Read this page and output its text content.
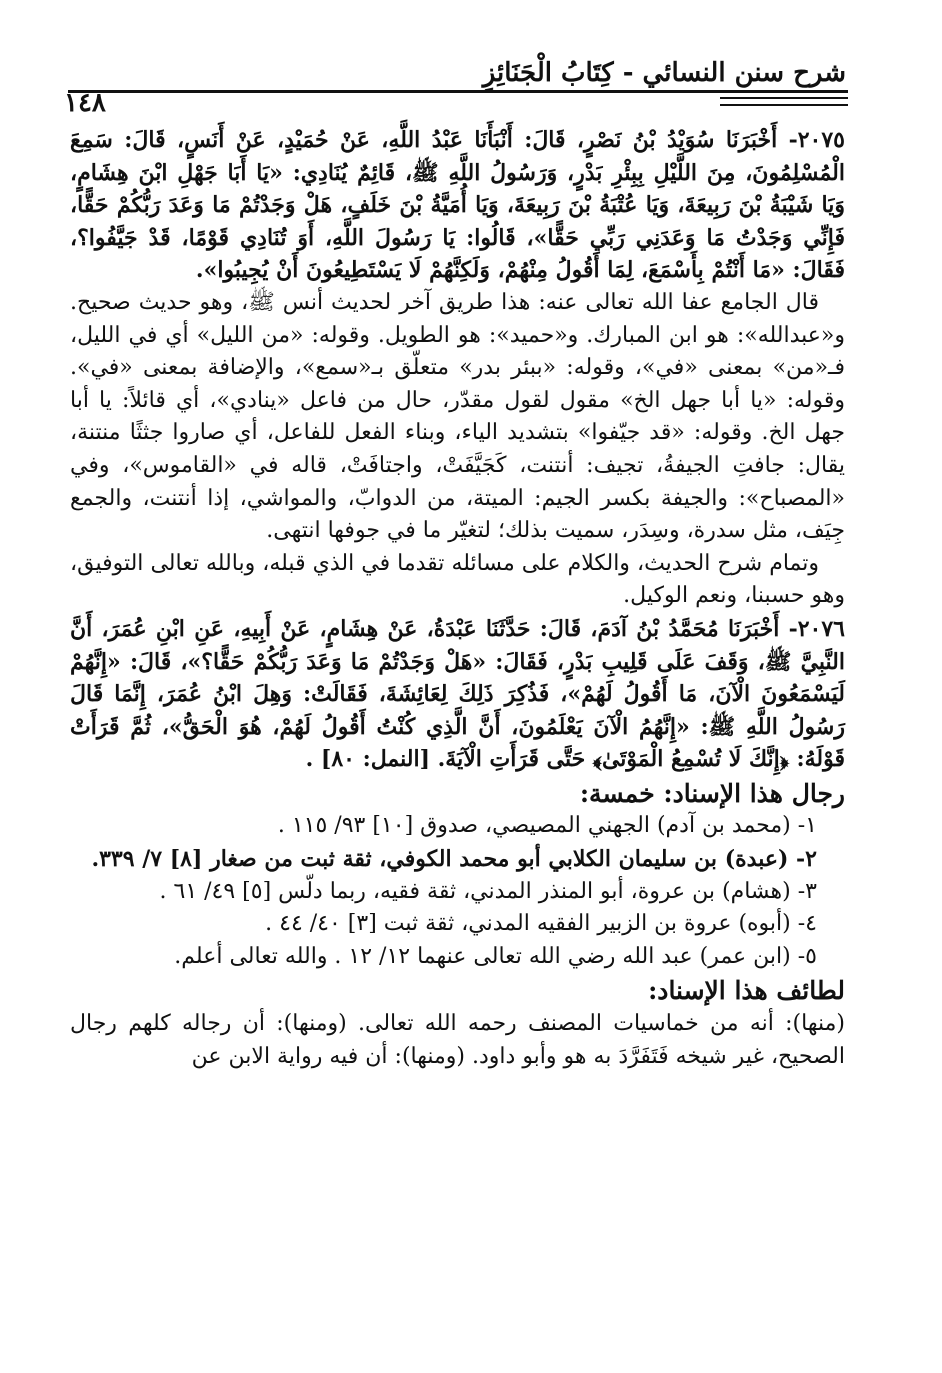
شرح سنن النسائي - كِتَابُ الْجَنَائِزِ
١٤٨

٢٠٧٥- أَخْبَرَنَا سُوَيْدُ بْنُ نَصْرٍ، قَالَ: أَنْبَأَنَا عَبْدُ اللَّهِ، عَنْ حُمَيْدٍ، عَنْ أَنَسٍ، قَالَ: سَمِعَ الْمُسْلِمُونَ، مِنَ اللَّيْلِ بِبِئْرِ بَدْرٍ، وَرَسُولُ اللَّهِ ﷺ، قَائِمٌ يُنَادِي: «يَا أَبَا جَهْلِ ابْنَ هِشَامٍ، وَيَا شَيْبَةُ بْنَ رَبِيعَةَ، وَيَا عُتْبَةُ بْنَ رَبِيعَةَ، وَيَا أُمَيَّةُ بْنَ خَلَفٍ، هَلْ وَجَدْتُمْ مَا وَعَدَ رَبُّكُمْ حَقًّا، فَإِنِّي وَجَدْتُ مَا وَعَدَنِي رَبِّي حَقًّا»، قَالُوا: يَا رَسُولَ اللَّهِ، أَوَ تُنَادِي قَوْمًا، قَدْ جَيَّفُوا؟، فَقَالَ: «مَا أَنْتُمْ بِأَسْمَعَ، لِمَا أَقُولُ مِنْهُمْ، وَلَكِنَّهُمْ لَا يَسْتَطِيعُونَ أَنْ يُجِيبُوا».

قال الجامع عفا الله تعالى عنه: هذا طريق آخر لحديث أنس ﷺ، وهو حديث صحيح. و«عبدالله»: هو ابن المبارك. و«حميد»: هو الطويل. وقوله: «من الليل» أي في الليل، فـ«من» بمعنى «في»، وقوله: «ببئر بدر» متعلّق بـ«سمع»، والإضافة بمعنى «في». وقوله: «يا أبا جهل الخ» مقول لقول مقدّر، حال من فاعل «ينادي»، أي قائلاً: يا أبا جهل الخ. وقوله: «قد جيّفوا» بتشديد الياء، وبناء الفعل للفاعل، أي صاروا جثثًا منتنة، يقال: جافتِ الجيفةُ، تجيف: أنتنت، كَجَيَّفَتْ، واجتافَتْ، قاله في «القاموس»، وفي «المصباح»: والجيفة بكسر الجيم: الميتة، من الدوابّ، والمواشي، إذا أنتنت، والجمع جِيَف، مثل سدرة، وسِدَر، سميت بذلك؛ لتغيّر ما في جوفها انتهى.

وتمام شرح الحديث، والكلام على مسائله تقدما في الذي قبله، وبالله تعالى التوفيق، وهو حسبنا، ونعم الوكيل.

٢٠٧٦- أَخْبَرَنَا مُحَمَّدُ بْنُ آدَمَ، قَالَ: حَدَّثَنَا عَبْدَةُ، عَنْ هِشَامٍ، عَنْ أَبِيهِ، عَنِ ابْنِ عُمَرَ، أَنَّ النَّبِيَّ ﷺ، وَقَفَ عَلَى قَلِيبِ بَدْرٍ، فَقَالَ: «هَلْ وَجَدْتُمْ مَا وَعَدَ رَبُّكُمْ حَقًّا؟»، قَالَ: «إِنَّهُمْ لَيَسْمَعُونَ الْآنَ، مَا أَقُولُ لَهُمْ»، فَذُكِرَ ذَلِكَ لِعَائِشَةَ، فَقَالَتْ: وَهِلَ ابْنُ عُمَرَ، إِنَّمَا قَالَ رَسُولُ اللَّهِ ﷺ: «إِنَّهُمُ الْآنَ يَعْلَمُونَ، أَنَّ الَّذِي كُنْتُ أَقُولُ لَهُمْ، هُوَ الْحَقُّ»، ثُمَّ قَرَأَتْ قَوْلَهُ: ﴿إِنَّكَ لَا تُسْمِعُ الْمَوْتَىٰ﴾ حَتَّى قَرَأَتِ الْآيَةَ. [النمل: ٨٠] .

رجال هذا الإسناد: خمسة:

١- (محمد بن آدم) الجهني المصيصي، صدوق [١٠] ٩٣/ ١١٥ .

٢- (عبدة) بن سليمان الكلابي أبو محمد الكوفي، ثقة ثبت من صغار [٨] ٧/ ٣٣٩.

٣- (هشام) بن عروة، أبو المنذر المدني، ثقة فقيه، ربما دلّس [٥] ٤٩/ ٦١ .

٤- (أبوه) عروة بن الزبير الفقيه المدني، ثقة ثبت [٣] ٤٠/ ٤٤ .

٥- (ابن عمر) عبد الله رضي الله تعالى عنهما ١٢/ ١٢ . والله تعالى أعلم.

لطائف هذا الإسناد:

(منها): أنه من خماسيات المصنف رحمه الله تعالى. (ومنها): أن رجاله كلهم رجال الصحيح، غير شيخه فَتَفَرَّدَ به هو وأبو داود. (ومنها): أن فيه رواية الابن عن
